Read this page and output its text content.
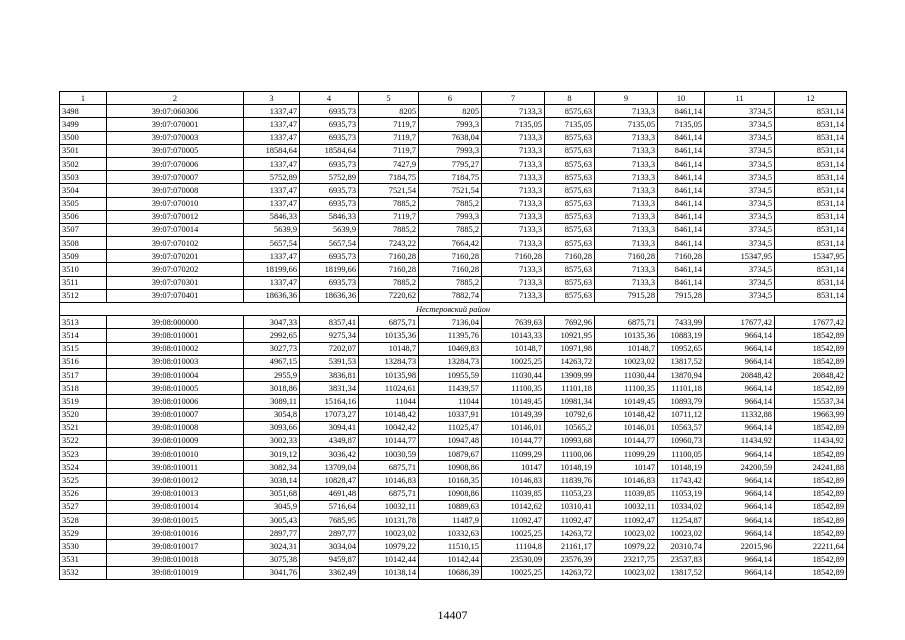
1	2	3	4	5	6	7	8	9	10	11	12
3498	39:07:060306	1337,47	6935,73	8205	8205	7133,3	8575,63	7133,3	8461,14	3734,5	8531,14
3499	39:07:070001	1337,47	6935,73	7119,7	7993,3	7135,05	7135,05	7135,05	7135,05	3734,5	8531,14
3500	39:07:070003	1337,47	6935,73	7119,7	7638,04	7133,3	8575,63	7133,3	8461,14	3734,5	8531,14
3501	39:07:070005	18584,64	18584,64	7119,7	7993,3	7133,3	8575,63	7133,3	8461,14	3734,5	8531,14
3502	39:07:070006	1337,47	6935,73	7427,9	7795,27	7133,3	8575,63	7133,3	8461,14	3734,5	8531,14
3503	39:07:070007	5752,89	5752,89	7184,75	7184,75	7133,3	8575,63	7133,3	8461,14	3734,5	8531,14
3504	39:07:070008	1337,47	6935,73	7521,54	7521,54	7133,3	8575,63	7133,3	8461,14	3734,5	8531,14
3505	39:07:070010	1337,47	6935,73	7885,2	7885,2	7133,3	8575,63	7133,3	8461,14	3734,5	8531,14
3506	39:07:070012	5846,33	5846,33	7119,7	7993,3	7133,3	8575,63	7133,3	8461,14	3734,5	8531,14
3507	39:07:070014	5639,9	5639,9	7885,2	7885,2	7133,3	8575,63	7133,3	8461,14	3734,5	8531,14
3508	39:07:070102	5657,54	5657,54	7243,22	7664,42	7133,3	8575,63	7133,3	8461,14	3734,5	8531,14
3509	39:07:070201	1337,47	6935,73	7160,28	7160,28	7160,28	7160,28	7160,28	7160,28	15347,95	15347,95
3510	39:07:070202	18199,66	18199,66	7160,28	7160,28	7133,3	8575,63	7133,3	8461,14	3734,5	8531,14
3511	39:07:070301	1337,47	6935,73	7885,2	7885,2	7133,3	8575,63	7133,3	8461,14	3734,5	8531,14
3512	39:07:070401	18636,36	18636,36	7220,62	7882,74	7133,3	8575,63	7915,28	7915,28	3734,5	8531,14
Нестеровский район											
3513	39:08:000000	3047,33	8357,41	6875,71	7136,04	7639,63	7692,96	6875,71	7433,99	17677,42	17677,42
3514	39:08:010001	2992,65	9275,34	10135,36	11395,76	10143,33	10921,95	10135,36	10883,19	9664,14	18542,89
3515	39:08:010002	3027,73	7202,07	10148,7	10469,83	10148,7	10971,98	10148,7	10952,65	9664,14	18542,89
3516	39:08:010003	4967,15	5391,53	13284,73	13284,73	10025,25	14263,72	10023,02	13817,52	9664,14	18542,89
3517	39:08:010004	2955,9	3836,81	10135,98	10955,59	11030,44	13909,99	11030,44	13870,94	20848,42	20848,42
3518	39:08:010005	3018,86	3831,34	11024,61	11439,57	11100,35	11101,18	11100,35	11101,18	9664,14	18542,89
3519	39:08:010006	3089,11	15164,16	11044	11044	10149,45	10981,34	10149,45	10893,79	9664,14	15537,34
3520	39:08:010007	3054,8	17073,27	10148,42	10337,91	10149,39	10792,6	10148,42	10711,12	11332,88	19663,99
3521	39:08:010008	3093,66	3094,41	10042,42	11025,47	10146,01	10565,2	10146,01	10563,57	9664,14	18542,89
3522	39:08:010009	3002,33	4349,87	10144,77	10947,48	10144,77	10993,68	10144,77	10960,73	11434,92	11434,92
3523	39:08:010010	3019,12	3036,42	10030,59	10879,67	11099,29	11100,06	11099,29	11100,05	9664,14	18542,89
3524	39:08:010011	3082,34	13709,04	6875,71	10908,86	10147	10148,19	10147	10148,19	24200,59	24241,88
3525	39:08:010012	3038,14	10828,47	10146,83	10168,35	10146,83	11839,76	10146,83	11743,42	9664,14	18542,89
3526	39:08:010013	3051,68	4691,48	6875,71	10908,86	11039,85	11053,23	11039,85	11053,19	9664,14	18542,89
3527	39:08:010014	3045,9	5716,64	10032,11	10889,63	10142,62	10310,41	10032,11	10334,02	9664,14	18542,89
3528	39:08:010015	3005,43	7685,95	10131,78	11487,9	11092,47	11092,47	11092,47	11254,87	9664,14	18542,89
3529	39:08:010016	2897,77	2897,77	10023,02	10332,63	10025,25	14263,72	10023,02	10023,02	9664,14	18542,89
3530	39:08:010017	3024,31	3034,04	10979,22	11510,15	11104,8	21161,17	10979,22	20310,74	22015,96	22211,64
3531	39:08:010018	3075,38	9459,87	10142,44	10142,44	23530,09	23576,39	23217,75	23537,83	9664,14	18542,89
3532	39:08:010019	3041,76	3362,49	10138,14	10686,39	10025,25	14263,72	10023,02	13817,52	9664,14	18542,89
14407
